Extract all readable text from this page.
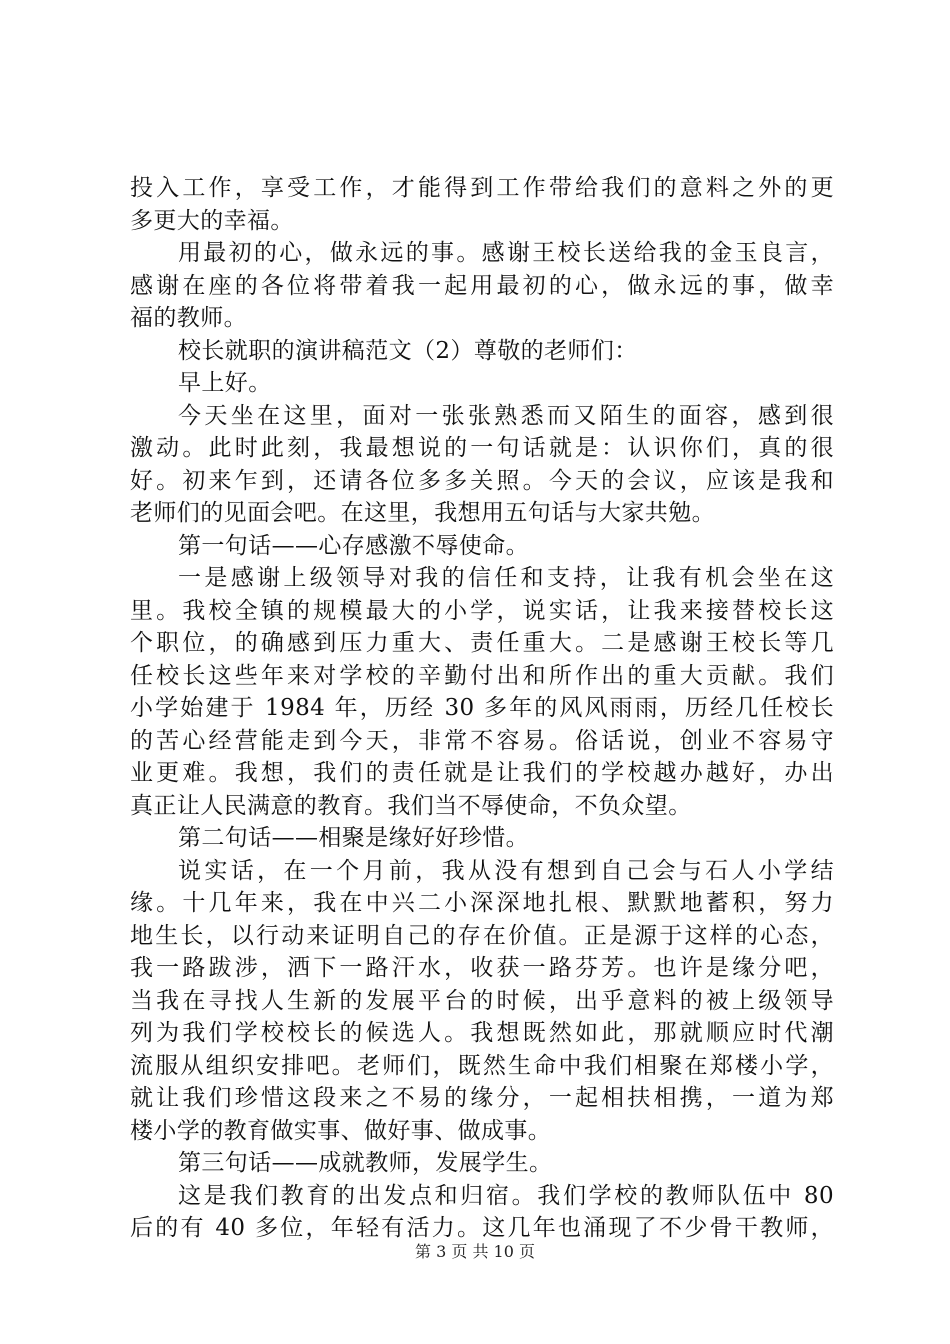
投入工作，享受工作，才能得到工作带给我们的意料之外的更
多更大的幸福。
用最初的心，做永远的事。感谢王校长送给我的金玉良言，
感谢在座的各位将带着我一起用最初的心，做永远的事，做幸
福的教师。
校长就职的演讲稿范文（2）尊敬的老师们：
早上好。
今天坐在这里，面对一张张熟悉而又陌生的面容，感到很
激动。此时此刻，我最想说的一句话就是：认识你们，真的很
好。初来乍到，还请各位多多关照。今天的会议，应该是我和
老师们的见面会吧。在这里，我想用五句话与大家共勉。
第一句话——心存感激不辱使命。
一是感谢上级领导对我的信任和支持，让我有机会坐在这
里。我校全镇的规模最大的小学，说实话，让我来接替校长这
个职位，的确感到压力重大、责任重大。二是感谢王校长等几
任校长这些年来对学校的辛勤付出和所作出的重大贡献。我们
小学始建于 1984 年，历经 30 多年的风风雨雨，历经几任校长
的苦心经营能走到今天，非常不容易。俗话说，创业不容易守
业更难。我想，我们的责任就是让我们的学校越办越好，办出
真正让人民满意的教育。我们当不辱使命，不负众望。
第二句话——相聚是缘好好珍惜。
说实话，在一个月前，我从没有想到自己会与石人小学结
缘。十几年来，我在中兴二小深深地扎根、默默地蓄积，努力
地生长，以行动来证明自己的存在价值。正是源于这样的心态，
我一路跋涉，洒下一路汗水，收获一路芬芳。也许是缘分吧，
当我在寻找人生新的发展平台的时候，出乎意料的被上级领导
列为我们学校校长的候选人。我想既然如此，那就顺应时代潮
流服从组织安排吧。老师们，既然生命中我们相聚在郑楼小学，
就让我们珍惜这段来之不易的缘分，一起相扶相携，一道为郑
楼小学的教育做实事、做好事、做成事。
第三句话——成就教师，发展学生。
这是我们教育的出发点和归宿。我们学校的教师队伍中 80
后的有 40 多位，年轻有活力。这几年也涌现了不少骨干教师，
第 3 页 共 10 页
